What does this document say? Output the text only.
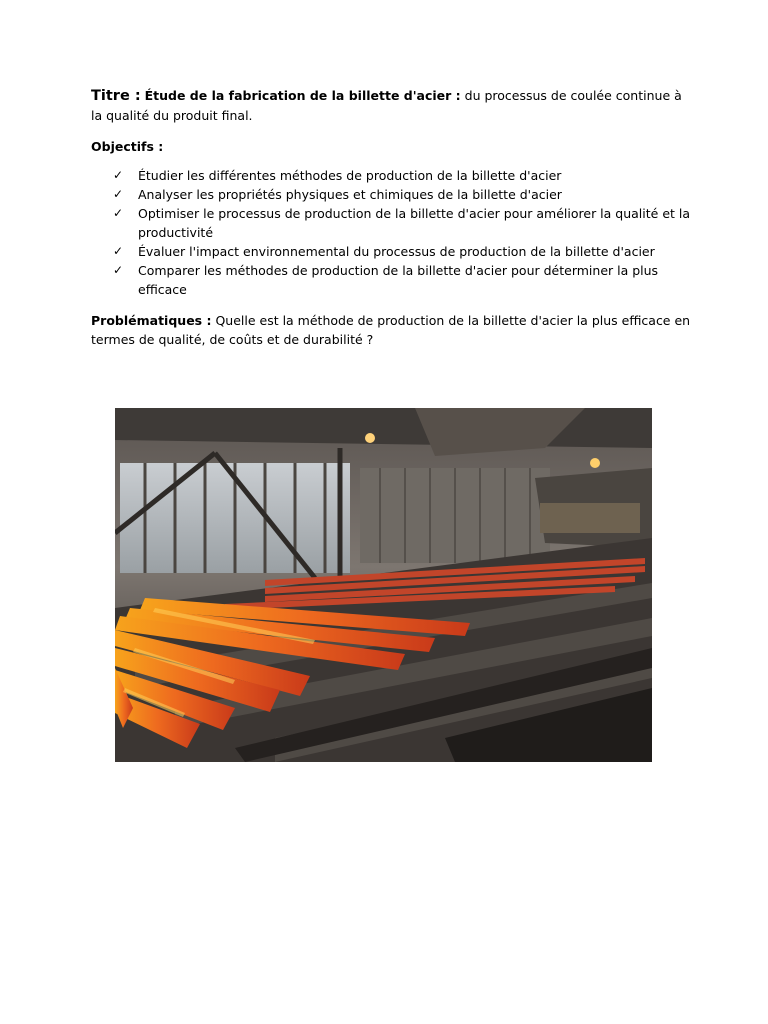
Titre : Étude de la fabrication de la billette d'acier : du processus de coulée continue à la qualité du produit final.
Objectifs :
✓	Étudier les différentes méthodes de production de la billette d'acier
✓	Analyser les propriétés physiques et chimiques de la billette d'acier
✓	Optimiser le processus de production de la billette d'acier pour améliorer la qualité et la productivité
✓	Évaluer l'impact environnemental du processus de production de la billette d'acier
✓	Comparer les méthodes de production de la billette d'acier pour déterminer la plus efficace
Problématiques : Quelle est la méthode de production de la billette d'acier la plus efficace en termes de qualité, de coûts et de durabilité ?
